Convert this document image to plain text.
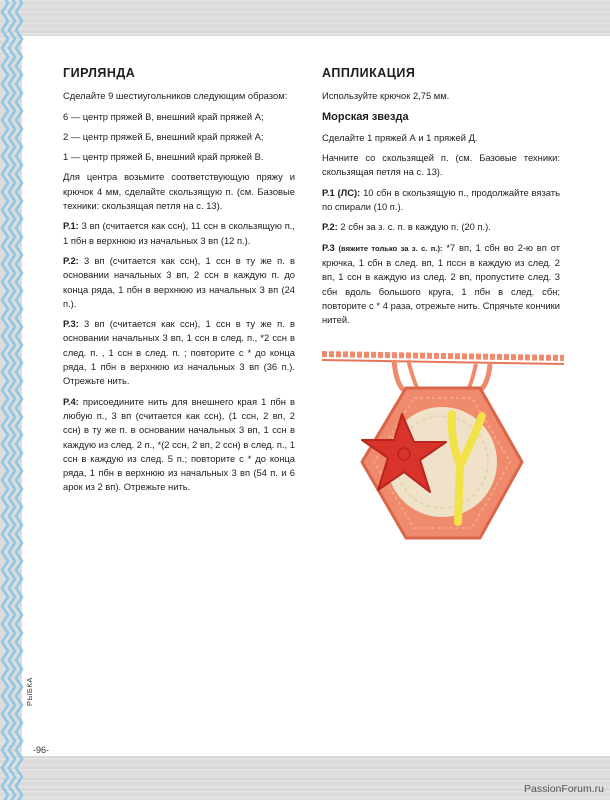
ГИРЛЯНДА

Сделайте 9 шестиугольников следующим образом:

6 — центр пряжей В, внешний край пряжей А;

2 — центр пряжей Б, внешний край пряжей А;

1 — центр пряжей Б, внешний край пряжей В.

Для центра возьмите соответствующую пряжу и крючок 4 мм, сделайте скользящую п. (см. Базовые техники: скользящая петля на с. 13).

Р.1: 3 вп (считается как ссн), 11 ссн в скользящую п., 1 пбн в верхнюю из начальных 3 вп (12 п.).

Р.2: 3 вп (считается как ссн), 1 ссн в ту же п. в основании начальных 3 вп, 2 ссн в каждую п. до конца ряда, 1 пбн в верхнюю из начальных 3 вп (24 п.).

Р.3: 3 вп (считается как ссн), 1 ссн в ту же п. в основании начальных 3 вп, 1 ссн в след. п., *2 ссн в след. п. , 1 ссн в след. п. ; повторите с * до конца ряда, 1 пбн в верхнюю из начальных 3 вп (36 п.). Отрежьте нить.

Р.4: присоедините нить для внешнего края 1 пбн в любую п., 3 вп (считается как ссн), (1 ссн, 2 вп, 2 ссн) в ту же п. в основании начальных 3 вп, 1 ссн в каждую из след. 2 п., *(2 ссн, 2 вп, 2 ссн) в след. п., 1 ссн в каждую из след. 5 п.; повторите с * до конца ряда, 1 пбн в верхнюю из начальных 3 вп (54 п. и 6 арок из 2 вп). Отрежьте нить.

АППЛИКАЦИЯ

Используйте крючок 2,75 мм.

Морская звезда

Сделайте 1 пряжей А и 1 пряжей Д.

Начните со скользящей п. (см. Базовые техники: скользящая петля на с. 13).

Р.1 (ЛС): 10 сбн в скользящую п., продолжайте вязать по спирали (10 п.).

Р.2: 2 сбн за з. с. п. в каждую п. (20 п.).

Р.3 (вяжите только за з. с. п.): *7 вп, 1 сбн во 2-ю вп от крючка, 1 сбн в след. вп, 1 пссн в каждую из след. 2 вп, 1 ссн в каждую из след. 2 вп, пропустите след. 3 сбн вдоль большого круга, 1 пбн в след. сбн; повторите с * 4 раза, отрежьте нить. Спрячьте кончики нитей.

РЫБКА
-96-
PassionForum.ru
